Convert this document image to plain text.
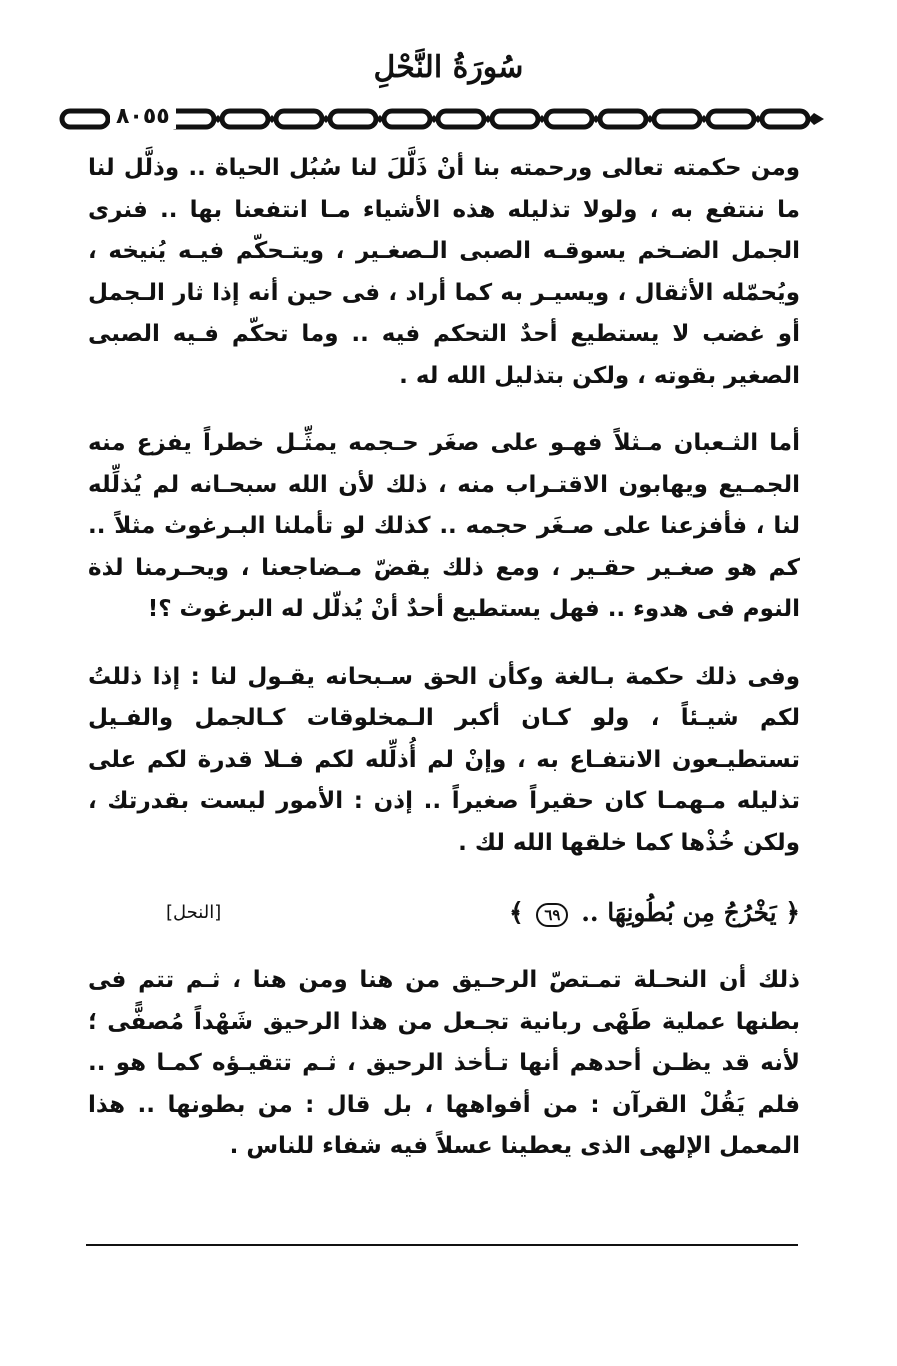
سُورَةُ النَّحْلِ
٨٠٥٥

ومن حكمته تعالى ورحمته بنا أنْ ذَلَّلَ لنا سُبُل الحياة .. وذلَّل لنا ما ننتفع به ، ولولا تذليله هذه الأشياء مـا انتفعنا بها .. فنرى الجمل الضـخم يسوقـه الصبى الـصغـير ، ويتـحكّم فيـه يُنيخه ، ويُحمّله الأثقال ، ويسيـر به كما أراد ، فى حين أنه إذا ثار الـجمل أو غضب لا يستطيع أحدٌ التحكم فيه .. وما تحكّم فـيه الصبى الصغير بقوته ، ولكن بتذليل الله له .

أما الثـعبان مـثلاً فهـو على صغَر حـجمه يمثِّـل خطراً يفزع منه الجمـيع ويهابون الاقتـراب منه ، ذلك لأن الله سبحـانه لم يُذلِّله لنا ، فأفزعنا على صـغَر حجمه .. كذلك لو تأملنا البـرغوث مثلاً .. كم هو صغـير حقـير ، ومع ذلك يقضّ مـضاجعنا ، ويحـرمنا لذة النوم فى هدوء .. فهل يستطيع أحدٌ أنْ يُذلّل له البرغوث ؟!

وفى ذلك حكمة بـالغة وكأن الحق سـبحانه يقـول لنا : إذا ذللتُ لكم شيـئاً ، ولو كـان أكبر الـمخلوقات كـالجمل والفـيل تستطيـعون الانتفـاع به ، وإنْ لم أُذلِّله لكم فـلا قدرة لكم على تذليله مـهمـا كان حقيراً صغيراً .. إذن : الأمور ليست بقدرتك ، ولكن خُذْها كما خلقها الله لك .

﴿ يَخْرُجُ مِن بُطُونِهَا .. ٦٩ ﴾
[النحل]

ذلك أن النحـلة تمـتصّ الرحـيق من هنا ومن هنا ، ثـم تتم فى بطنها عملية طَهْى ربانية تجـعل من هذا الرحيق شَهْداً مُصفًّى ؛ لأنه قد يظـن أحدهم أنها تـأخذ الرحيق ، ثـم تتقيـؤه كمـا هو .. فلم يَقُلْ القرآن : من أفواهها ، بل قال : من بطونها .. هذا المعمل الإلهى الذى يعطينا عسلاً فيه شفاء للناس .
